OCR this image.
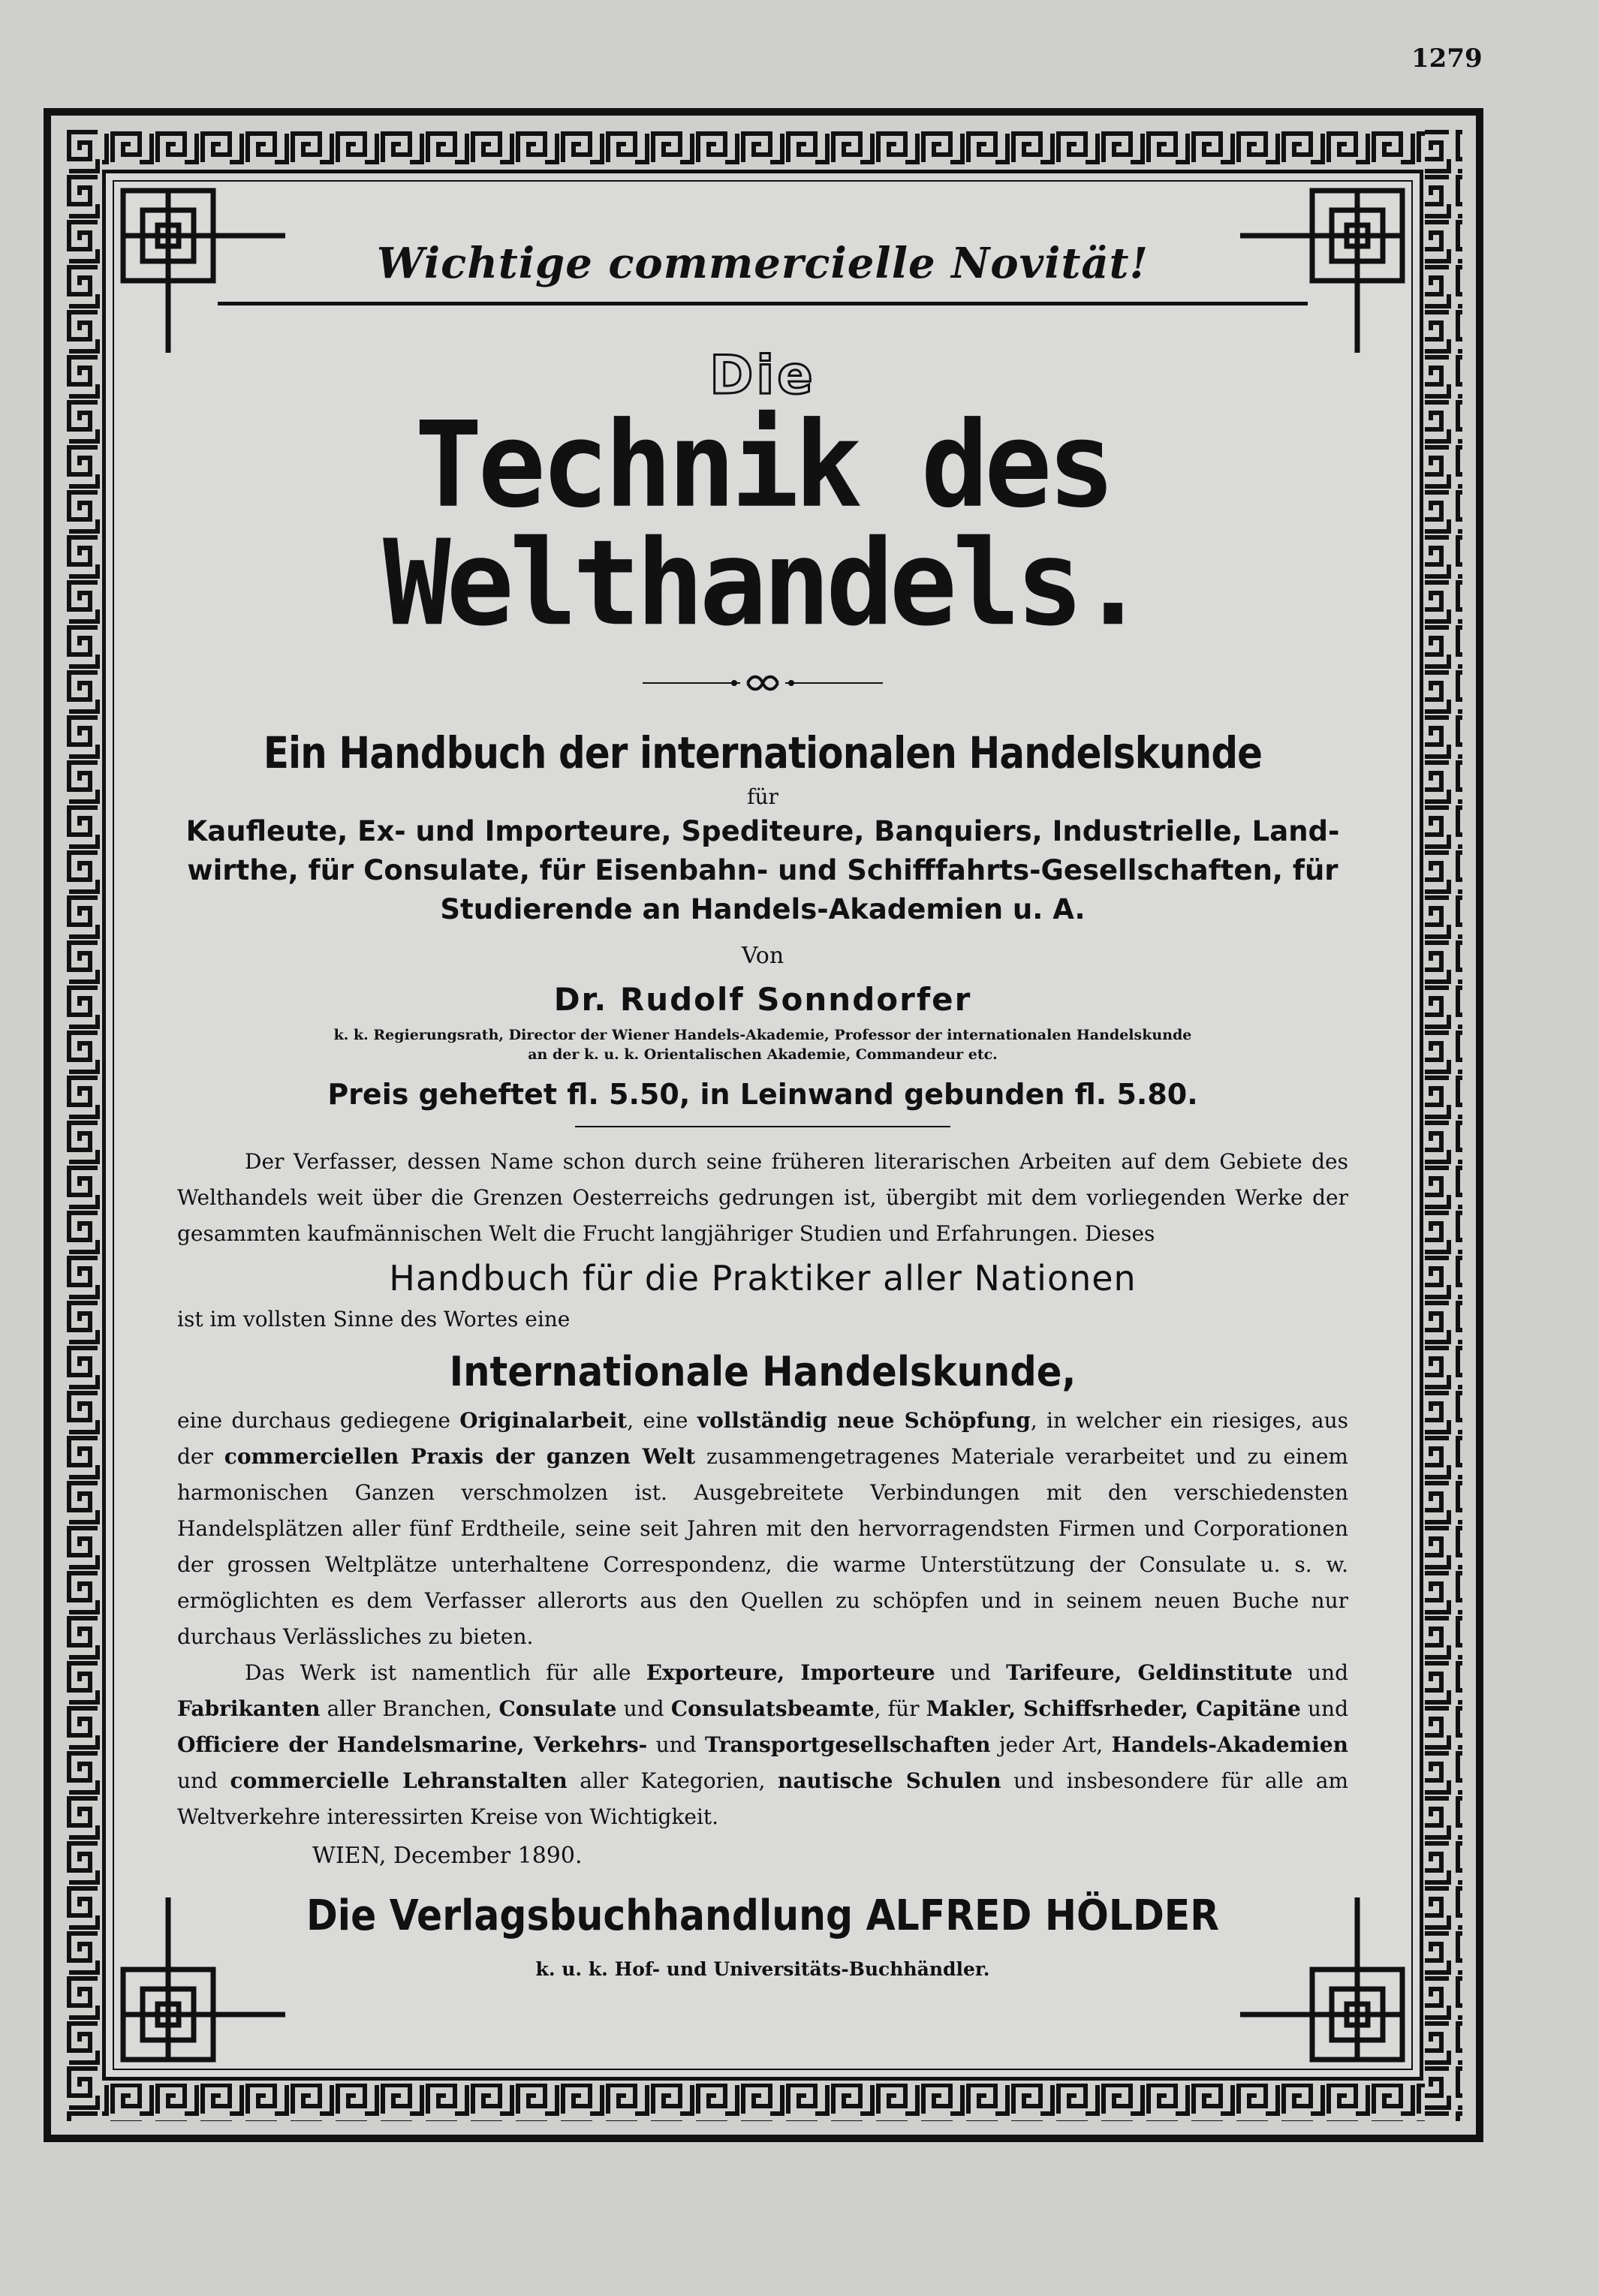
1279
Wichtige commercielle Novität!
Die
Technik des Welthandels.
Ein Handbuch der internationalen Handelskunde
für
Kaufleute, Ex- und Importeure, Spediteure, Banquiers, Industrielle, Land-
wirthe, für Consulate, für Eisenbahn- und Schifffahrts-Gesellschaften, für
Studierende an Handels-Akademien u. A.
Von
Dr. Rudolf Sonndorfer
k. k. Regierungsrath, Director der Wiener Handels-Akademie, Professor der internationalen Handelskunde
an der k. u. k. Orientalischen Akademie, Commandeur etc.
Preis geheftet fl. 5.50, in Leinwand gebunden fl. 5.80.
Der Verfasser, dessen Name schon durch seine früheren literarischen Arbeiten auf dem Gebiete des Welthandels weit über die Grenzen Oesterreichs gedrungen ist, übergibt mit dem vorliegenden Werke der gesammten kaufmännischen Welt die Frucht langjähriger Studien und Erfahrungen. Dieses
Handbuch für die Praktiker aller Nationen
ist im vollsten Sinne des Wortes eine
Internationale Handelskunde,
eine durchaus gediegene Originalarbeit, eine vollständig neue Schöpfung, in welcher ein riesiges, aus der commerciellen Praxis der ganzen Welt zusammengetragenes Materiale verarbeitet und zu einem harmonischen Ganzen verschmolzen ist. Ausgebreitete Verbindungen mit den verschiedensten Handelsplätzen aller fünf Erdtheile, seine seit Jahren mit den hervorragendsten Firmen und Corporationen der grossen Weltplätze unterhaltene Correspondenz, die warme Unterstützung der Consulate u. s. w. ermöglichten es dem Verfasser allerorts aus den Quellen zu schöpfen und in seinem neuen Buche nur durchaus Verlässliches zu bieten.
Das Werk ist namentlich für alle Exporteure, Importeure und Tarifeure, Geldinstitute und Fabrikanten aller Branchen, Consulate und Consulatsbeamte, für Makler, Schiffsrheder, Capitäne und Officiere der Handelsmarine, Verkehrs- und Transportgesellschaften jeder Art, Handels-Akademien und commercielle Lehranstalten aller Kategorien, nautische Schulen und insbesondere für alle am Weltverkehre interessirten Kreise von Wichtigkeit.
WIEN, December 1890.
Die Verlagsbuchhandlung ALFRED HÖLDER
k. u. k. Hof- und Universitäts-Buchhändler.
